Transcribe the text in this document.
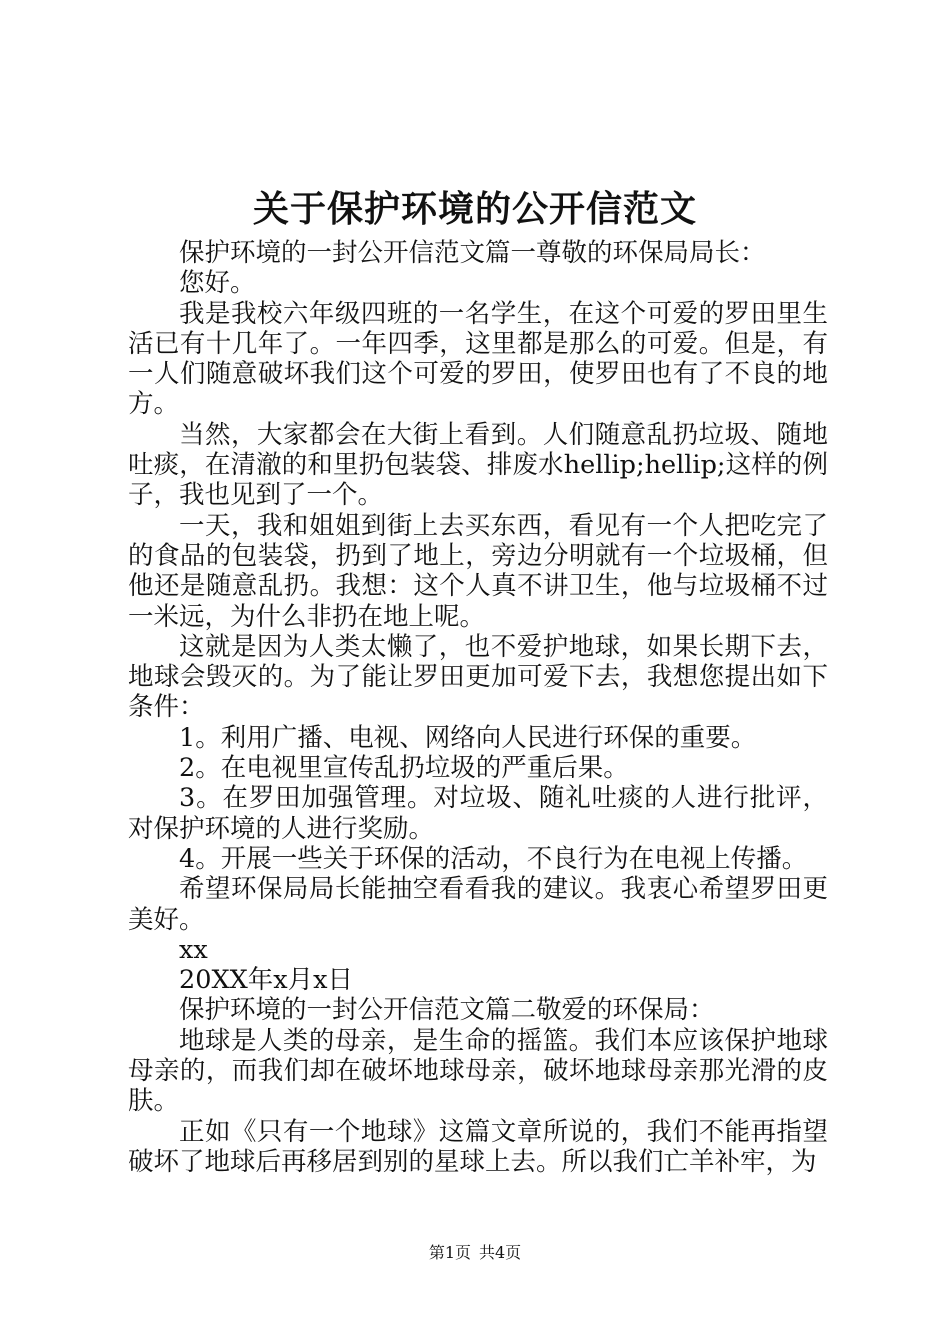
关于保护环境的公开信范文

保护环境的一封公开信范文篇一尊敬的环保局局长：

您好。

我是我校六年级四班的一名学生，在这个可爱的罗田里生活已有十几年了。一年四季，这里都是那么的可爱。但是，有一人们随意破坏我们这个可爱的罗田，使罗田也有了不良的地方。

当然，大家都会在大街上看到。人们随意乱扔垃圾、随地吐痰，在清澈的和里扔包装袋、排废水hellip;hellip;这样的例子，我也见到了一个。

一天，我和姐姐到街上去买东西，看见有一个人把吃完了的食品的包装袋，扔到了地上，旁边分明就有一个垃圾桶，但他还是随意乱扔。我想：这个人真不讲卫生，他与垃圾桶不过一米远，为什么非扔在地上呢。

这就是因为人类太懒了，也不爱护地球，如果长期下去，地球会毁灭的。为了能让罗田更加可爱下去，我想您提出如下条件：

1。利用广播、电视、网络向人民进行环保的重要。

2。在电视里宣传乱扔垃圾的严重后果。

3。在罗田加强管理。对垃圾、随礼吐痰的人进行批评，对保护环境的人进行奖励。

4。开展一些关于环保的活动，不良行为在电视上传播。

希望环保局局长能抽空看看我的建议。我衷心希望罗田更美好。

xx

20XX年x月x日

保护环境的一封公开信范文篇二敬爱的环保局：

地球是人类的母亲，是生命的摇篮。我们本应该保护地球母亲的，而我们却在破坏地球母亲，破坏地球母亲那光滑的皮肤。

正如《只有一个地球》这篇文章所说的，我们不能再指望破坏了地球后再移居到别的星球上去。所以我们亡羊补牢，为

第1页 共4页
